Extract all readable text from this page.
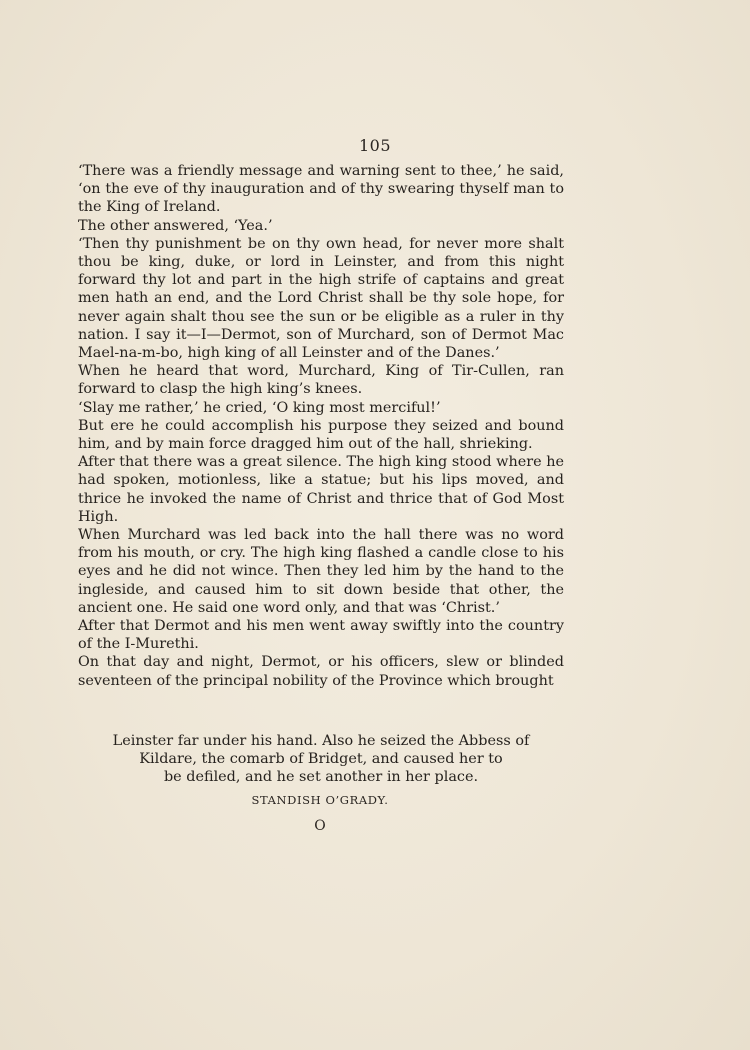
105

‘There was a friendly message and warning sent to thee,’ he said, ‘on the eve of thy inauguration and of thy swearing thyself man to the King of Ireland.

The other answered, ‘Yea.’

‘Then thy punishment be on thy own head, for never more shalt thou be king, duke, or lord in Leinster, and from this night forward thy lot and part in the high strife of captains and great men hath an end, and the Lord Christ shall be thy sole hope, for never again shalt thou see the sun or be eligible as a ruler in thy nation. I say it—I—Dermot, son of Murchard, son of Dermot Mac Mael-na-m-bo, high king of all Leinster and of the Danes.’

When he heard that word, Murchard, King of Tir-Cullen, ran forward to clasp the high king’s knees.

‘Slay me rather,’ he cried, ‘O king most merciful!’

But ere he could accomplish his purpose they seized and bound him, and by main force dragged him out of the hall, shrieking.

After that there was a great silence. The high king stood where he had spoken, motionless, like a statue; but his lips moved, and thrice he invoked the name of Christ and thrice that of God Most High.

When Murchard was led back into the hall there was no word from his mouth, or cry. The high king flashed a candle close to his eyes and he did not wince. Then they led him by the hand to the ingleside, and caused him to sit down beside that other, the ancient one. He said one word only, and that was ‘Christ.’

After that Dermot and his men went away swiftly into the country of the I-Murethi.

On that day and night, Dermot, or his officers, slew or blinded seventeen of the principal nobility of the Province which brought

Leinster far under his hand. Also he seized the Abbess of

Kildare, the comarb of Bridget, and caused her to

be defiled, and he set another in her place.

STANDISH O’GRADY.
O
